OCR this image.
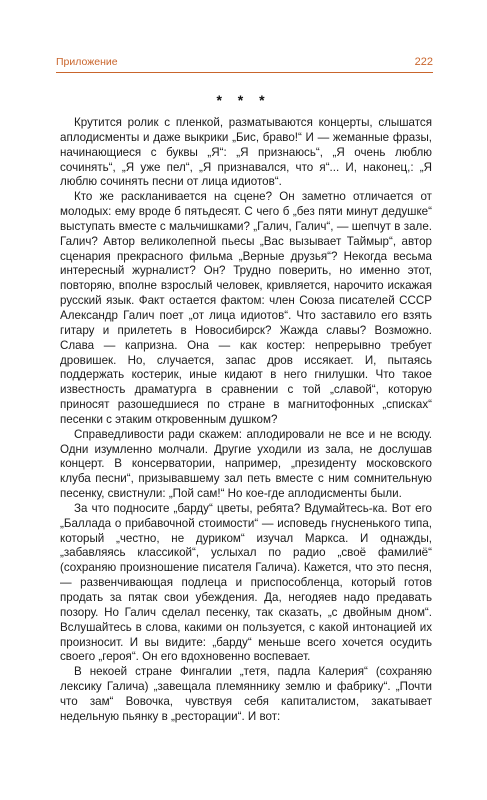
Приложение	222
* * *

Крутится ролик с пленкой, разматываются концерты, слышатся аплодисменты и даже выкрики „Бис, браво!“ И — жеманные фразы, начинающиеся с буквы „Я“: „Я признаюсь“, „Я очень люблю сочинять“, „Я уже пел“, „Я признавался, что я“... И, наконец,: „Я люблю сочинять песни от лица идиотов“.

Кто же раскланивается на сцене? Он заметно отличается от молодых: ему вроде б пятьдесят. С чего б „без пяти минут дедушке“ выступать вместе с мальчишками? „Галич, Галич“, — шепчут в зале. Галич? Автор великолепной пьесы „Вас вызывает Таймыр“, автор сценария прекрасного фильма „Верные друзья“? Некогда весьма интересный журналист? Он? Трудно поверить, но именно этот, повторяю, вполне взрослый человек, кривляется, нарочито искажая русский язык. Факт остается фактом: член Союза писателей СССР Александр Галич поет „от лица идиотов“. Что заставило его взять гитару и прилететь в Новосибирск? Жажда славы? Возможно. Слава — капризна. Она — как костер: непрерывно требует дровишек. Но, случается, запас дров иссякает. И, пытаясь поддержать костерик, иные кидают в него гнилушки. Что такое известность драматурга в сравнении с той „славой“, которую приносят разошедшиеся по стране в магнитофонных „списках“ песенки с этаким откровенным душком?

Справедливости ради скажем: аплодировали не все и не всюду. Одни изумленно молчали. Другие уходили из зала, не дослушав концерт. В консерватории, например, „президенту московского клуба песни“, призывавшему зал петь вместе с ним сомнительную песенку, свистнули: „Пой сам!“ Но кое-где аплодисменты были.

За что подносите „барду“ цветы, ребята? Вдумайтесь-ка. Вот его „Баллада о прибавочной стоимости“ — исповедь гнусненького типа, который „честно, не дуриком“ изучал Маркса. И однажды, „забавляясь классикой“, услыхал по радио „своё фамилиё“ (сохраняю произношение писателя Галича). Кажется, что это песня, — развенчивающая подлеца и приспособленца, который готов продать за пятак свои убеждения. Да, негодяев надо предавать позору. Но Галич сделал песенку, так сказать, „с двойным дном“. Вслушайтесь в слова, какими он пользуется, с какой интонацией их произносит. И вы видите: „барду“ меньше всего хочется осудить своего „героя“. Он его вдохновенно воспевает.

В некоей стране Фингалии „тетя, падла Калерия“ (сохраняю лексику Галича) „завещала племяннику землю и фабрику“. „Почти что зам“ Вовочка, чувствуя себя капиталистом, закатывает недельную пьянку в „ресторации“. И вот:
